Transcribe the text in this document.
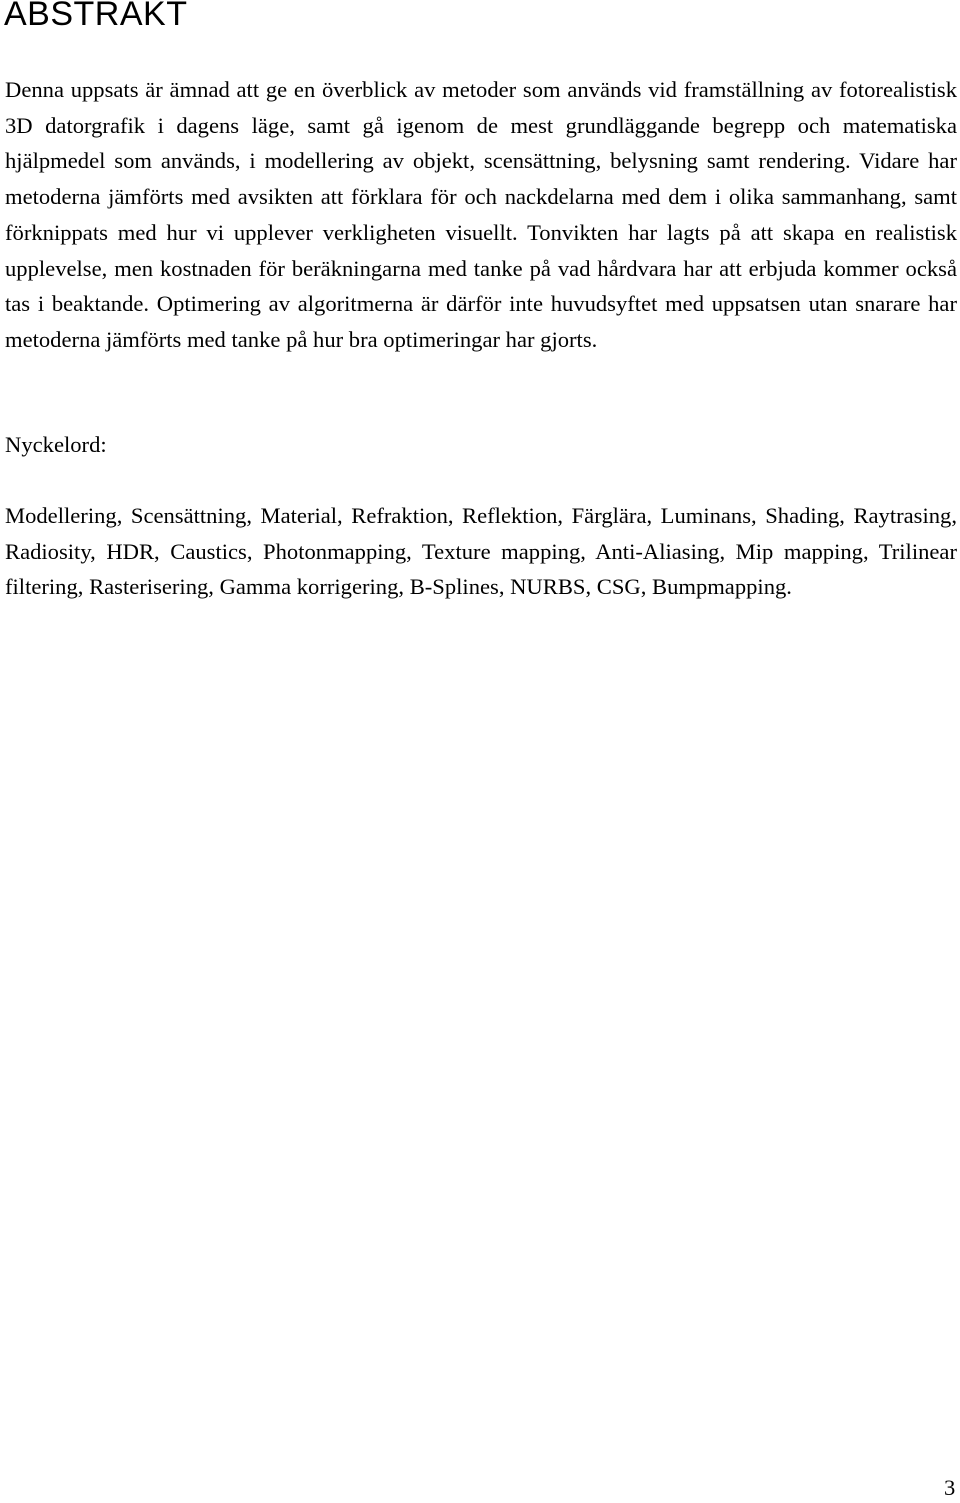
ABSTRAKT

Denna uppsats är ämnad att ge en överblick av metoder som används vid framställning av fotorealistisk 3D datorgrafik i dagens läge, samt gå igenom de mest grundläggande begrepp och matematiska hjälpmedel som används, i modellering av objekt, scensättning, belysning samt rendering. Vidare har metoderna jämförts med avsikten att förklara för och nackdelarna med dem i olika sammanhang, samt förknippats med hur vi upplever verkligheten visuellt. Tonvikten har lagts på att skapa en realistisk upplevelse, men kostnaden för beräkningarna med tanke på vad hårdvara har att erbjuda kommer också tas i beaktande. Optimering av algoritmerna är därför inte huvudsyftet med uppsatsen utan snarare har metoderna jämförts med tanke på hur bra optimeringar har gjorts.

Nyckelord:

Modellering, Scensättning, Material, Refraktion, Reflektion, Färglära, Luminans, Shading, Raytrasing, Radiosity, HDR, Caustics, Photonmapping, Texture mapping, Anti-Aliasing, Mip mapping, Trilinear filtering, Rasterisering, Gamma korrigering, B-Splines, NURBS, CSG, Bumpmapping.

3
